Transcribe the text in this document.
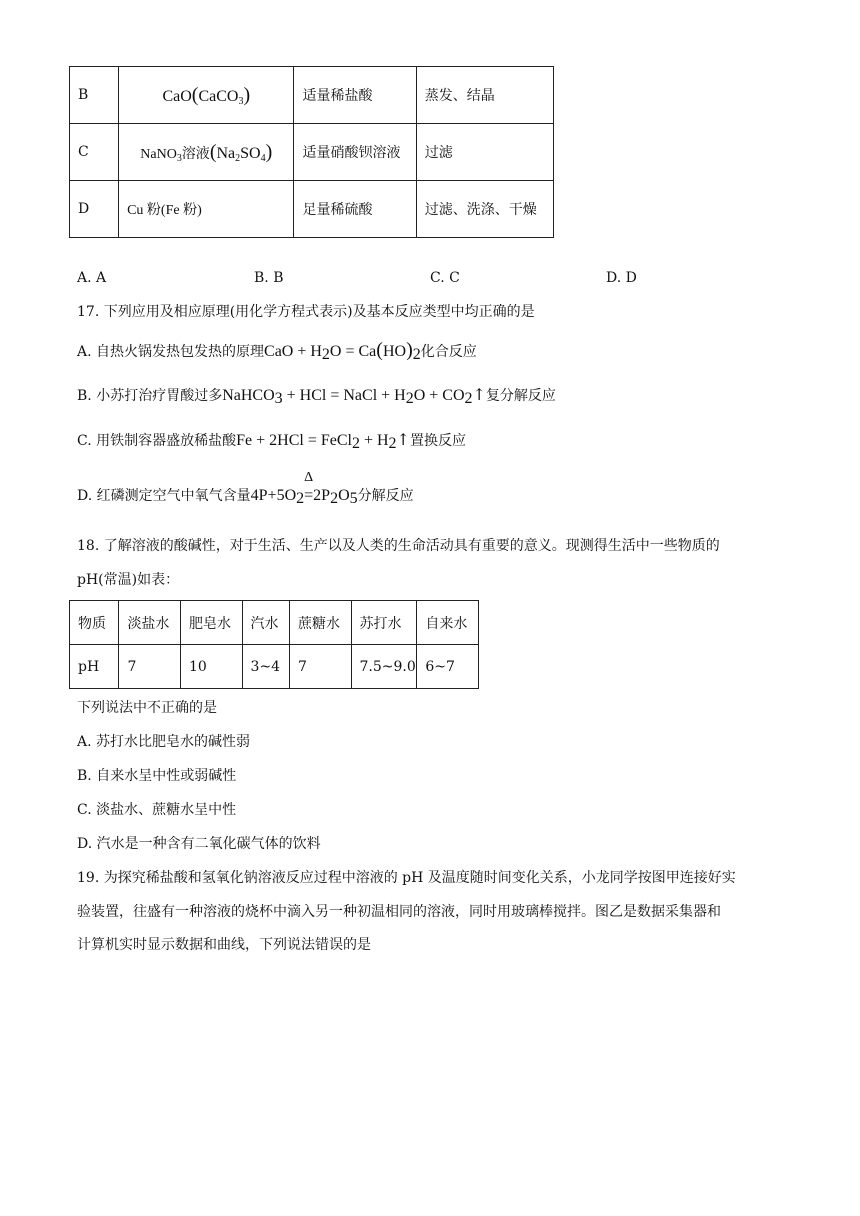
B	CaO(CaCO$_3$)	适量稀盐酸	蒸发、结晶
C	NaNO$_3$溶液$(Na_2SO_4)$	适量硝酸钡溶液	过滤
D	Cu 粉(Fe 粉)	足量稀硫酸	过滤、洗涤、干燥
A. A	B. B	C. C	D. D
17. 下列应用及相应原理(用化学方程式表示)及基本反应类型中均正确的是
A. 自热火锅发热包发热的原理CaO + $H_2O = Ca(HO)_2$化合反应
B. 小苏打治疗胃酸过多NaHCO$_3$ + HCl = NaCl + $H_2O$ + $CO_2↑$复分解反应
C. 用铁制容器盛放稀盐酸Fe + 2HCl = FeCl$_2$ + $H_2↑$置换反应
D. 红磷测定空气中氧气含量$4P+5O_2$
Δ
$=2P_2O_5$分解反应
18. 了解溶液的酸碱性，对于生活、生产以及人类的生命活动具有重要的意义。现测得生活中一些物质的
pH(常温)如表：
物质	淡盐水	肥皂水	汽水	蔗糖水	苏打水	自来水
pH	7	10	3~4	7	7.5~9.0	6~7
下列说法中不正确的是
A. 苏打水比肥皂水的碱性弱
B. 自来水呈中性或弱碱性
C. 淡盐水、蔗糖水呈中性
D. 汽水是一种含有二氧化碳气体的饮料
19. 为探究稀盐酸和氢氧化钠溶液反应过程中溶液的 pH 及温度随时间变化关系，小龙同学按图甲连接好实
验装置，往盛有一种溶液的烧杯中滴入另一种初温相同的溶液，同时用玻璃棒搅拌。图乙是数据采集器和
计算机实时显示数据和曲线，下列说法错误的是
